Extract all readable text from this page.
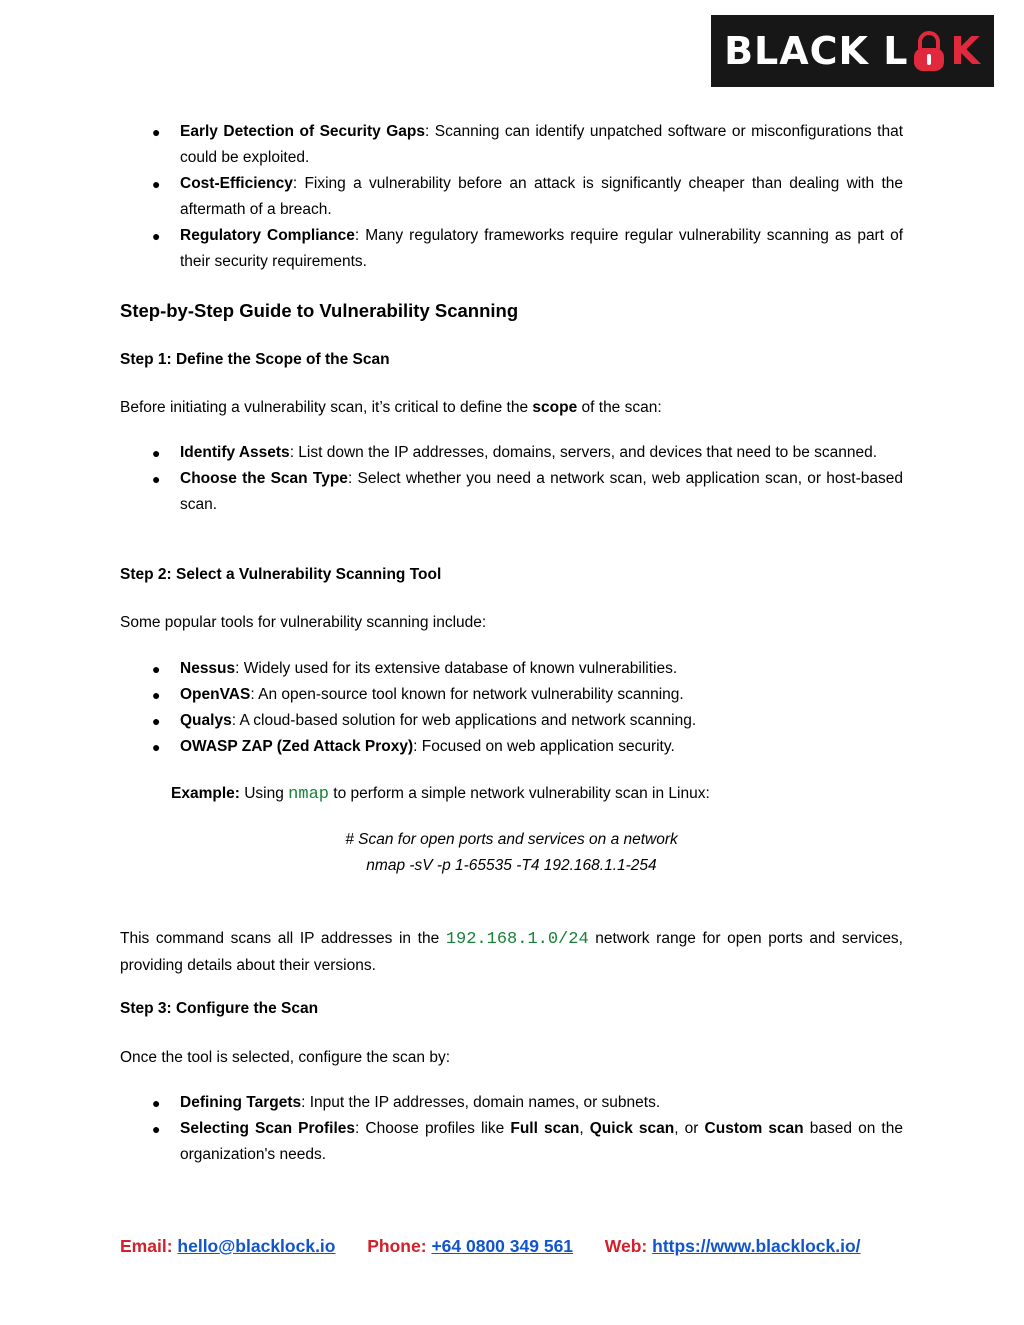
BLACK L K
● Early Detection of Security Gaps: Scanning can identify unpatched software or misconfigurations that could be exploited.
● Cost-Efficiency: Fixing a vulnerability before an attack is significantly cheaper than dealing with the aftermath of a breach.
● Regulatory Compliance: Many regulatory frameworks require regular vulnerability scanning as part of their security requirements.
Step-by-Step Guide to Vulnerability Scanning
Step 1: Define the Scope of the Scan
Before initiating a vulnerability scan, it’s critical to define the scope of the scan:
● Identify Assets: List down the IP addresses, domains, servers, and devices that need to be scanned.
● Choose the Scan Type: Select whether you need a network scan, web application scan, or host-based scan.
Step 2: Select a Vulnerability Scanning Tool
Some popular tools for vulnerability scanning include:
● Nessus: Widely used for its extensive database of known vulnerabilities.
● OpenVAS: An open-source tool known for network vulnerability scanning.
● Qualys: A cloud-based solution for web applications and network scanning.
● OWASP ZAP (Zed Attack Proxy): Focused on web application security.
Example: Using nmap to perform a simple network vulnerability scan in Linux:
# Scan for open ports and services on a network
nmap -sV -p 1-65535 -T4 192.168.1.1-254
This command scans all IP addresses in the 192.168.1.0/24 network range for open ports and services, providing details about their versions.
Step 3: Configure the Scan
Once the tool is selected, configure the scan by:
● Defining Targets: Input the IP addresses, domain names, or subnets.
● Selecting Scan Profiles: Choose profiles like Full scan, Quick scan, or Custom scan based on the organization's needs.
Email: hello@blacklock.io Phone: +64 0800 349 561 Web: https://www.blacklock.io/
